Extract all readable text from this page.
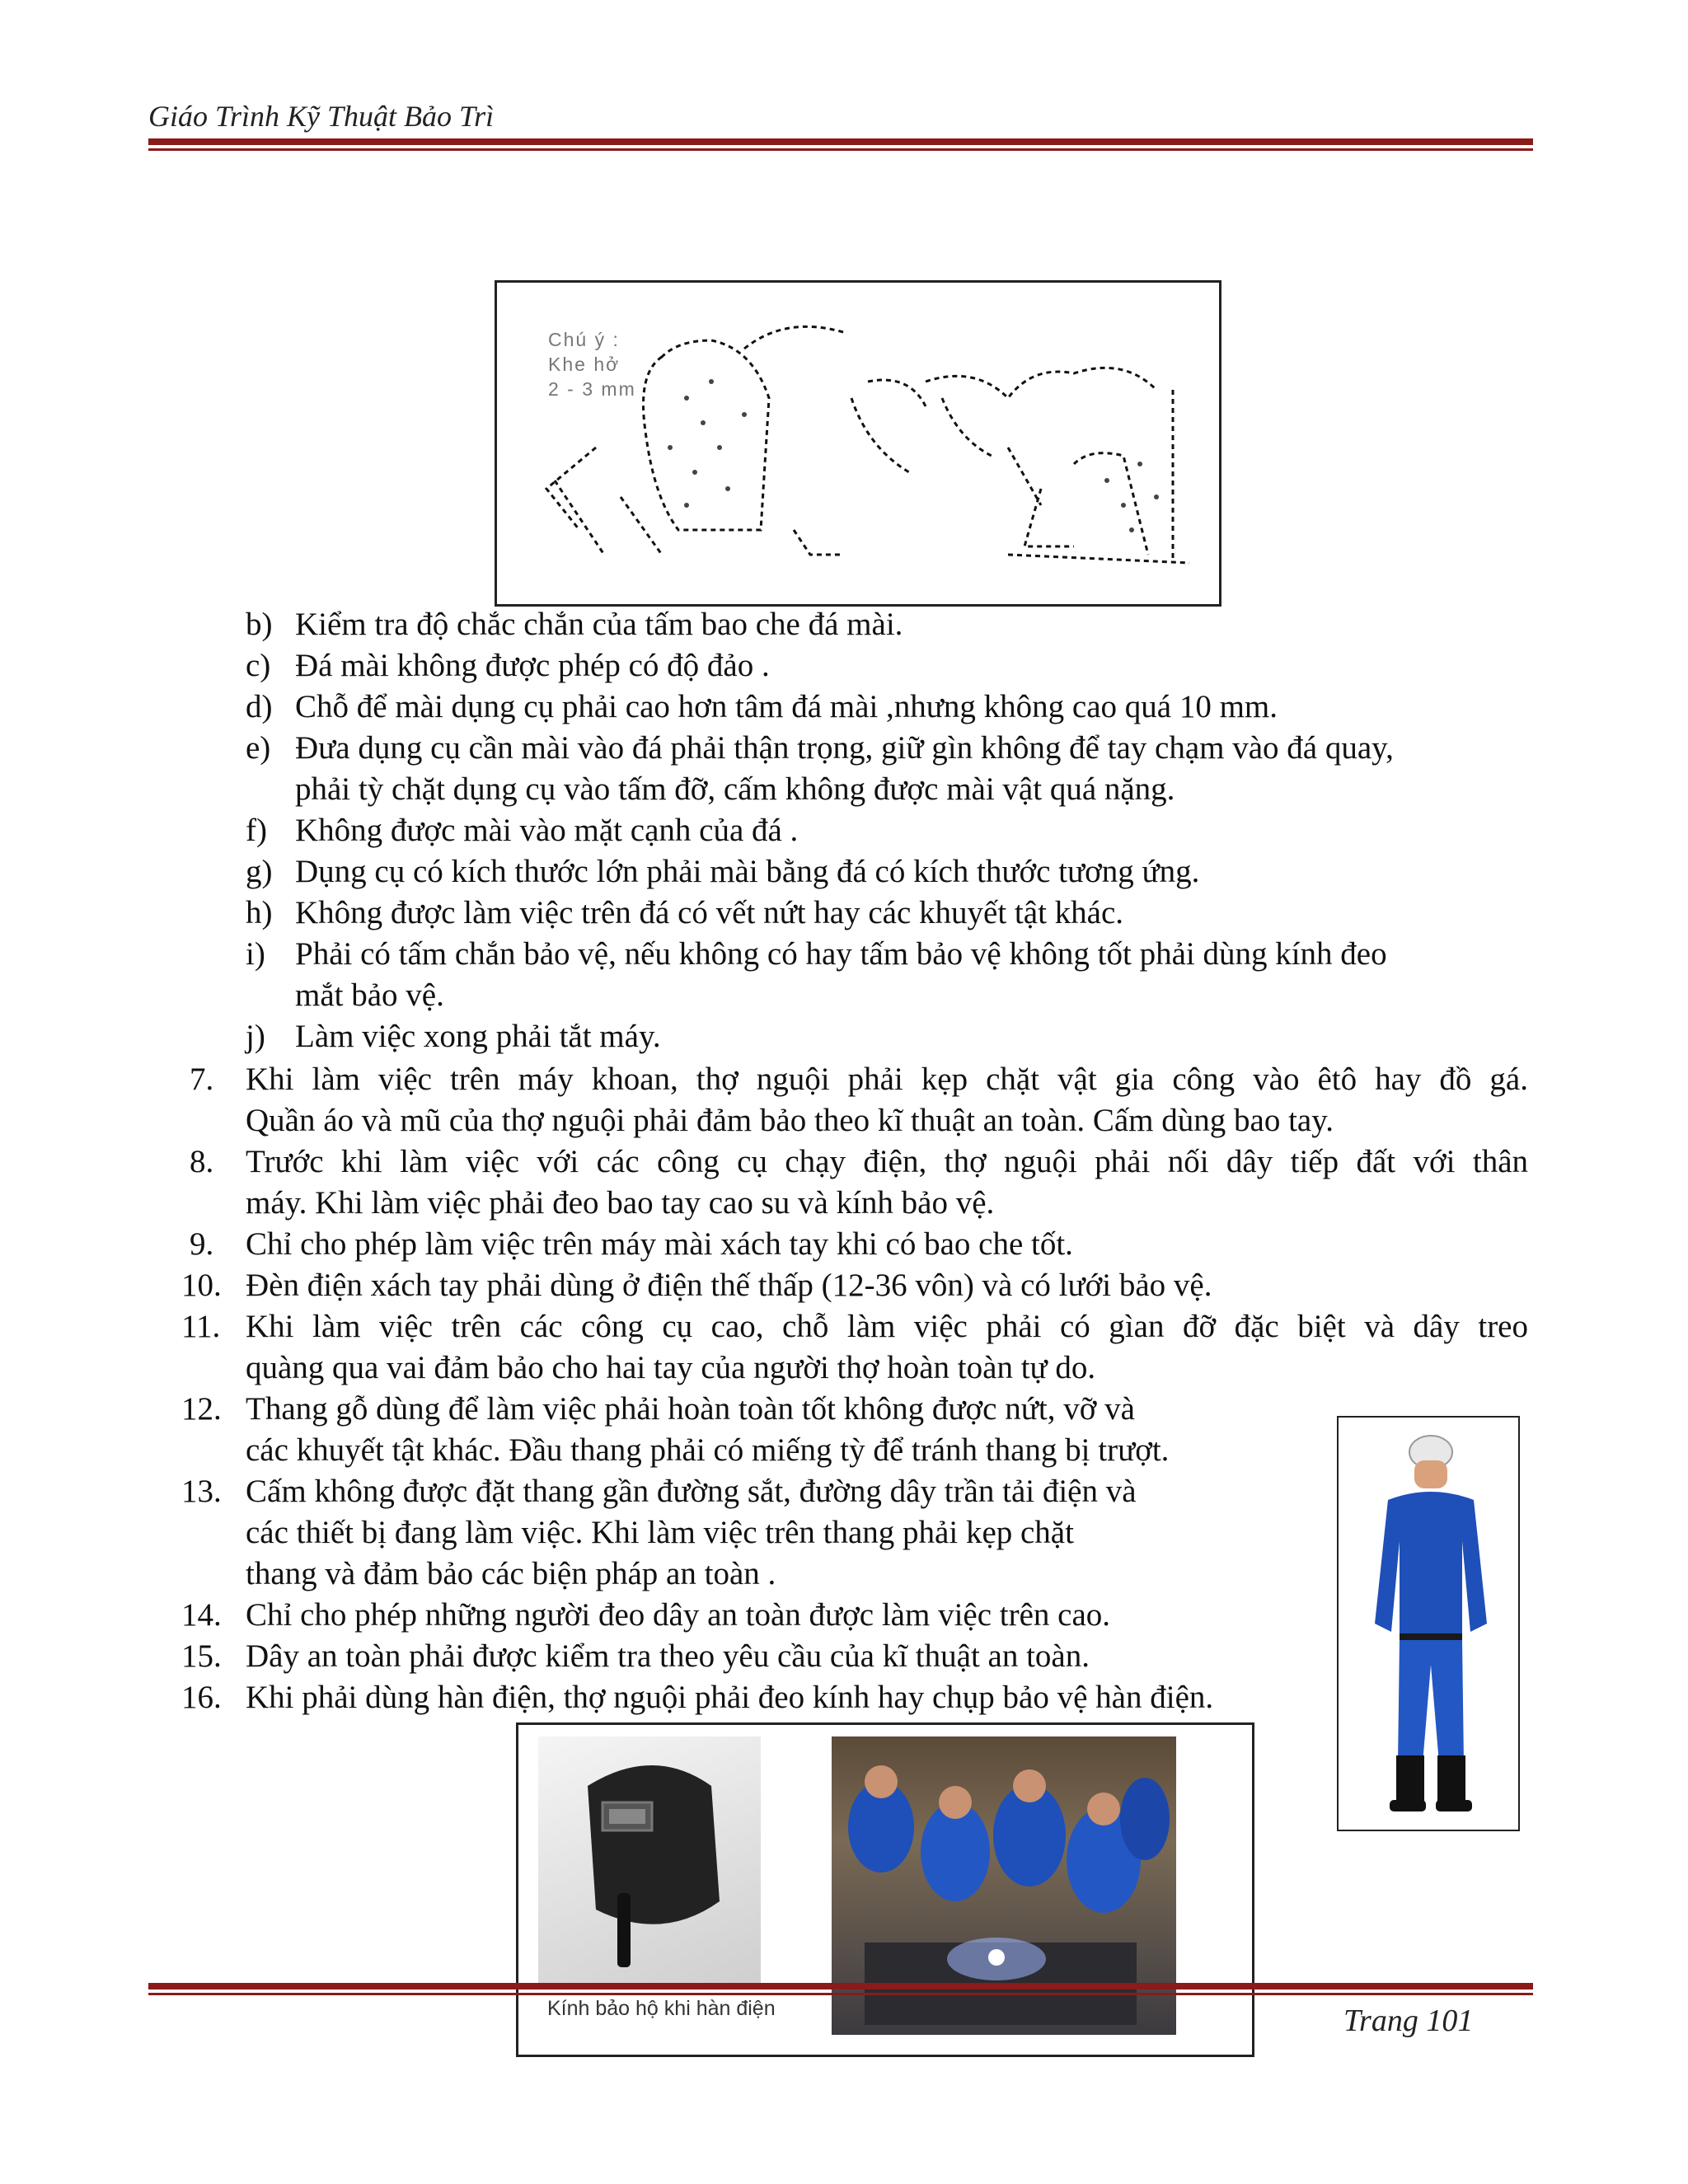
Giáo Trình Kỹ Thuật Bảo Trì
Chú ý :
Khe hở
2 - 3 mm
b) Kiểm tra độ chắc chắn của tấm bao che đá mài.
c) Đá mài không được phép có độ đảo .
d) Chỗ để mài dụng cụ phải cao hơn tâm đá mài ,nhưng không cao quá 10 mm.
e) Đưa dụng cụ cần mài vào đá phải thận trọng, giữ gìn không để tay chạm vào đá quay,
phải tỳ chặt dụng cụ vào tấm đỡ, cấm không được mài vật quá nặng.
f) Không được mài vào mặt cạnh của đá .
g) Dụng cụ có kích thước lớn phải mài bằng đá có kích thước tương ứng.
h) Không được làm việc trên đá có vết nứt hay các khuyết tật khác.
i) Phải có tấm chắn bảo vệ, nếu không có hay tấm bảo vệ không tốt phải dùng kính đeo
mắt bảo vệ.
j) Làm việc xong phải tắt máy.
7. Khi làm việc trên máy khoan, thợ nguội phải kẹp chặt vật gia công vào êtô hay đồ gá.
Quần áo và mũ của thợ nguội phải đảm bảo theo kĩ thuật an toàn. Cấm dùng bao tay.
8. Trước khi làm việc với các công cụ chạy điện, thợ nguội phải nối dây tiếp đất với thân
máy. Khi làm việc phải đeo bao tay cao su và kính bảo vệ.
9. Chỉ cho phép làm việc trên máy mài xách tay khi có bao che tốt.
10. Đèn điện xách tay phải dùng ở điện thế thấp (12-36 vôn) và có lưới bảo vệ.
11. Khi làm việc trên các công cụ cao, chỗ làm việc phải có gìan đỡ đặc biệt và dây treo
quàng qua vai đảm bảo cho hai tay của người thợ hoàn toàn tự do.
12. Thang gỗ dùng để làm việc phải hoàn toàn tốt không được nứt, vỡ và
các khuyết tật khác. Đầu thang phải có miếng tỳ để tránh thang bị trượt.
13. Cấm không được đặt thang gần đường sắt, đường dây trần tải điện và
các thiết bị đang làm việc. Khi làm việc trên thang phải kẹp chặt
thang và đảm bảo các biện pháp an toàn .
14. Chỉ cho phép những người đeo dây an toàn được làm việc trên cao.
15. Dây an toàn phải được kiểm tra theo yêu cầu của kĩ thuật an toàn.
16. Khi phải dùng hàn điện, thợ nguội phải đeo kính hay chụp bảo vệ hàn điện.
Kính bảo hộ khi hàn điện	Trang 101
